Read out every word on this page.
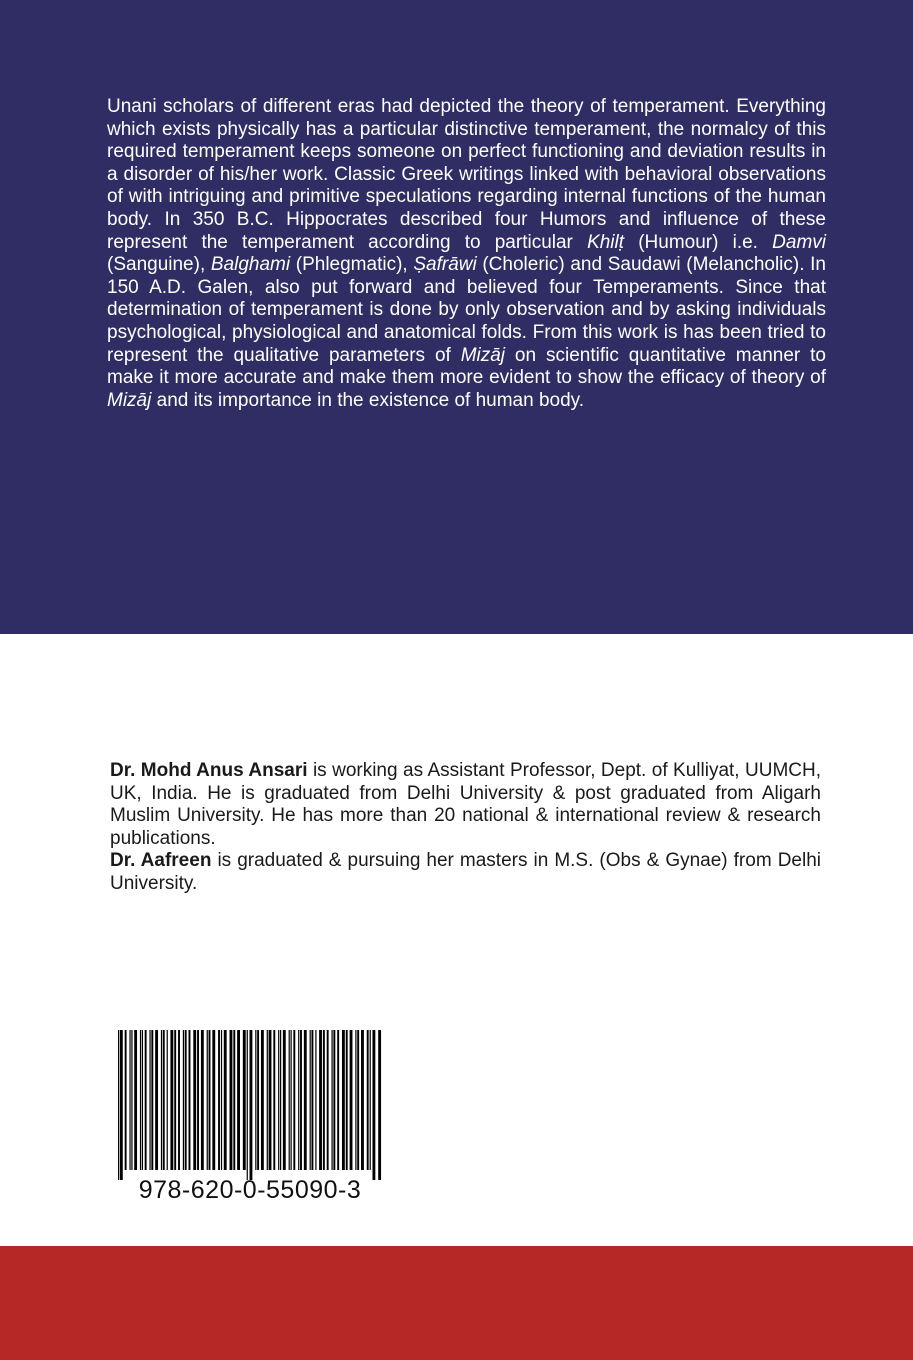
Unani scholars of different eras had depicted the theory of temperament. Everything which exists physically has a particular distinctive temperament, the normalcy of this required temperament keeps someone on perfect functioning and deviation results in a disorder of his/her work. Classic Greek writings linked with behavioral observations of with intriguing and primitive speculations regarding internal functions of the human body. In 350 B.C. Hippocrates described four Humors and influence of these represent the temperament according to particular Khilṭ (Humour) i.e. Damvi (Sanguine), Balghami (Phlegmatic), Ṣafrāwi (Choleric) and Saudawi (Melancholic). In 150 A.D. Galen, also put forward and believed four Temperaments. Since that determination of temperament is done by only observation and by asking individuals psychological, physiological and anatomical folds. From this work is has been tried to represent the qualitative parameters of Mizāj on scientific quantitative manner to make it more accurate and make them more evident to show the efficacy of theory of Mizāj and its importance in the existence of human body.

Dr. Mohd Anus Ansari is working as Assistant Professor, Dept. of Kulliyat, UUMCH, UK, India. He is graduated from Delhi University & post graduated from Aligarh Muslim University. He has more than 20 national & international review & research publications.

Dr. Aafreen is graduated & pursuing her masters in M.S. (Obs & Gynae) from Delhi University.

978-620-0-55090-3
